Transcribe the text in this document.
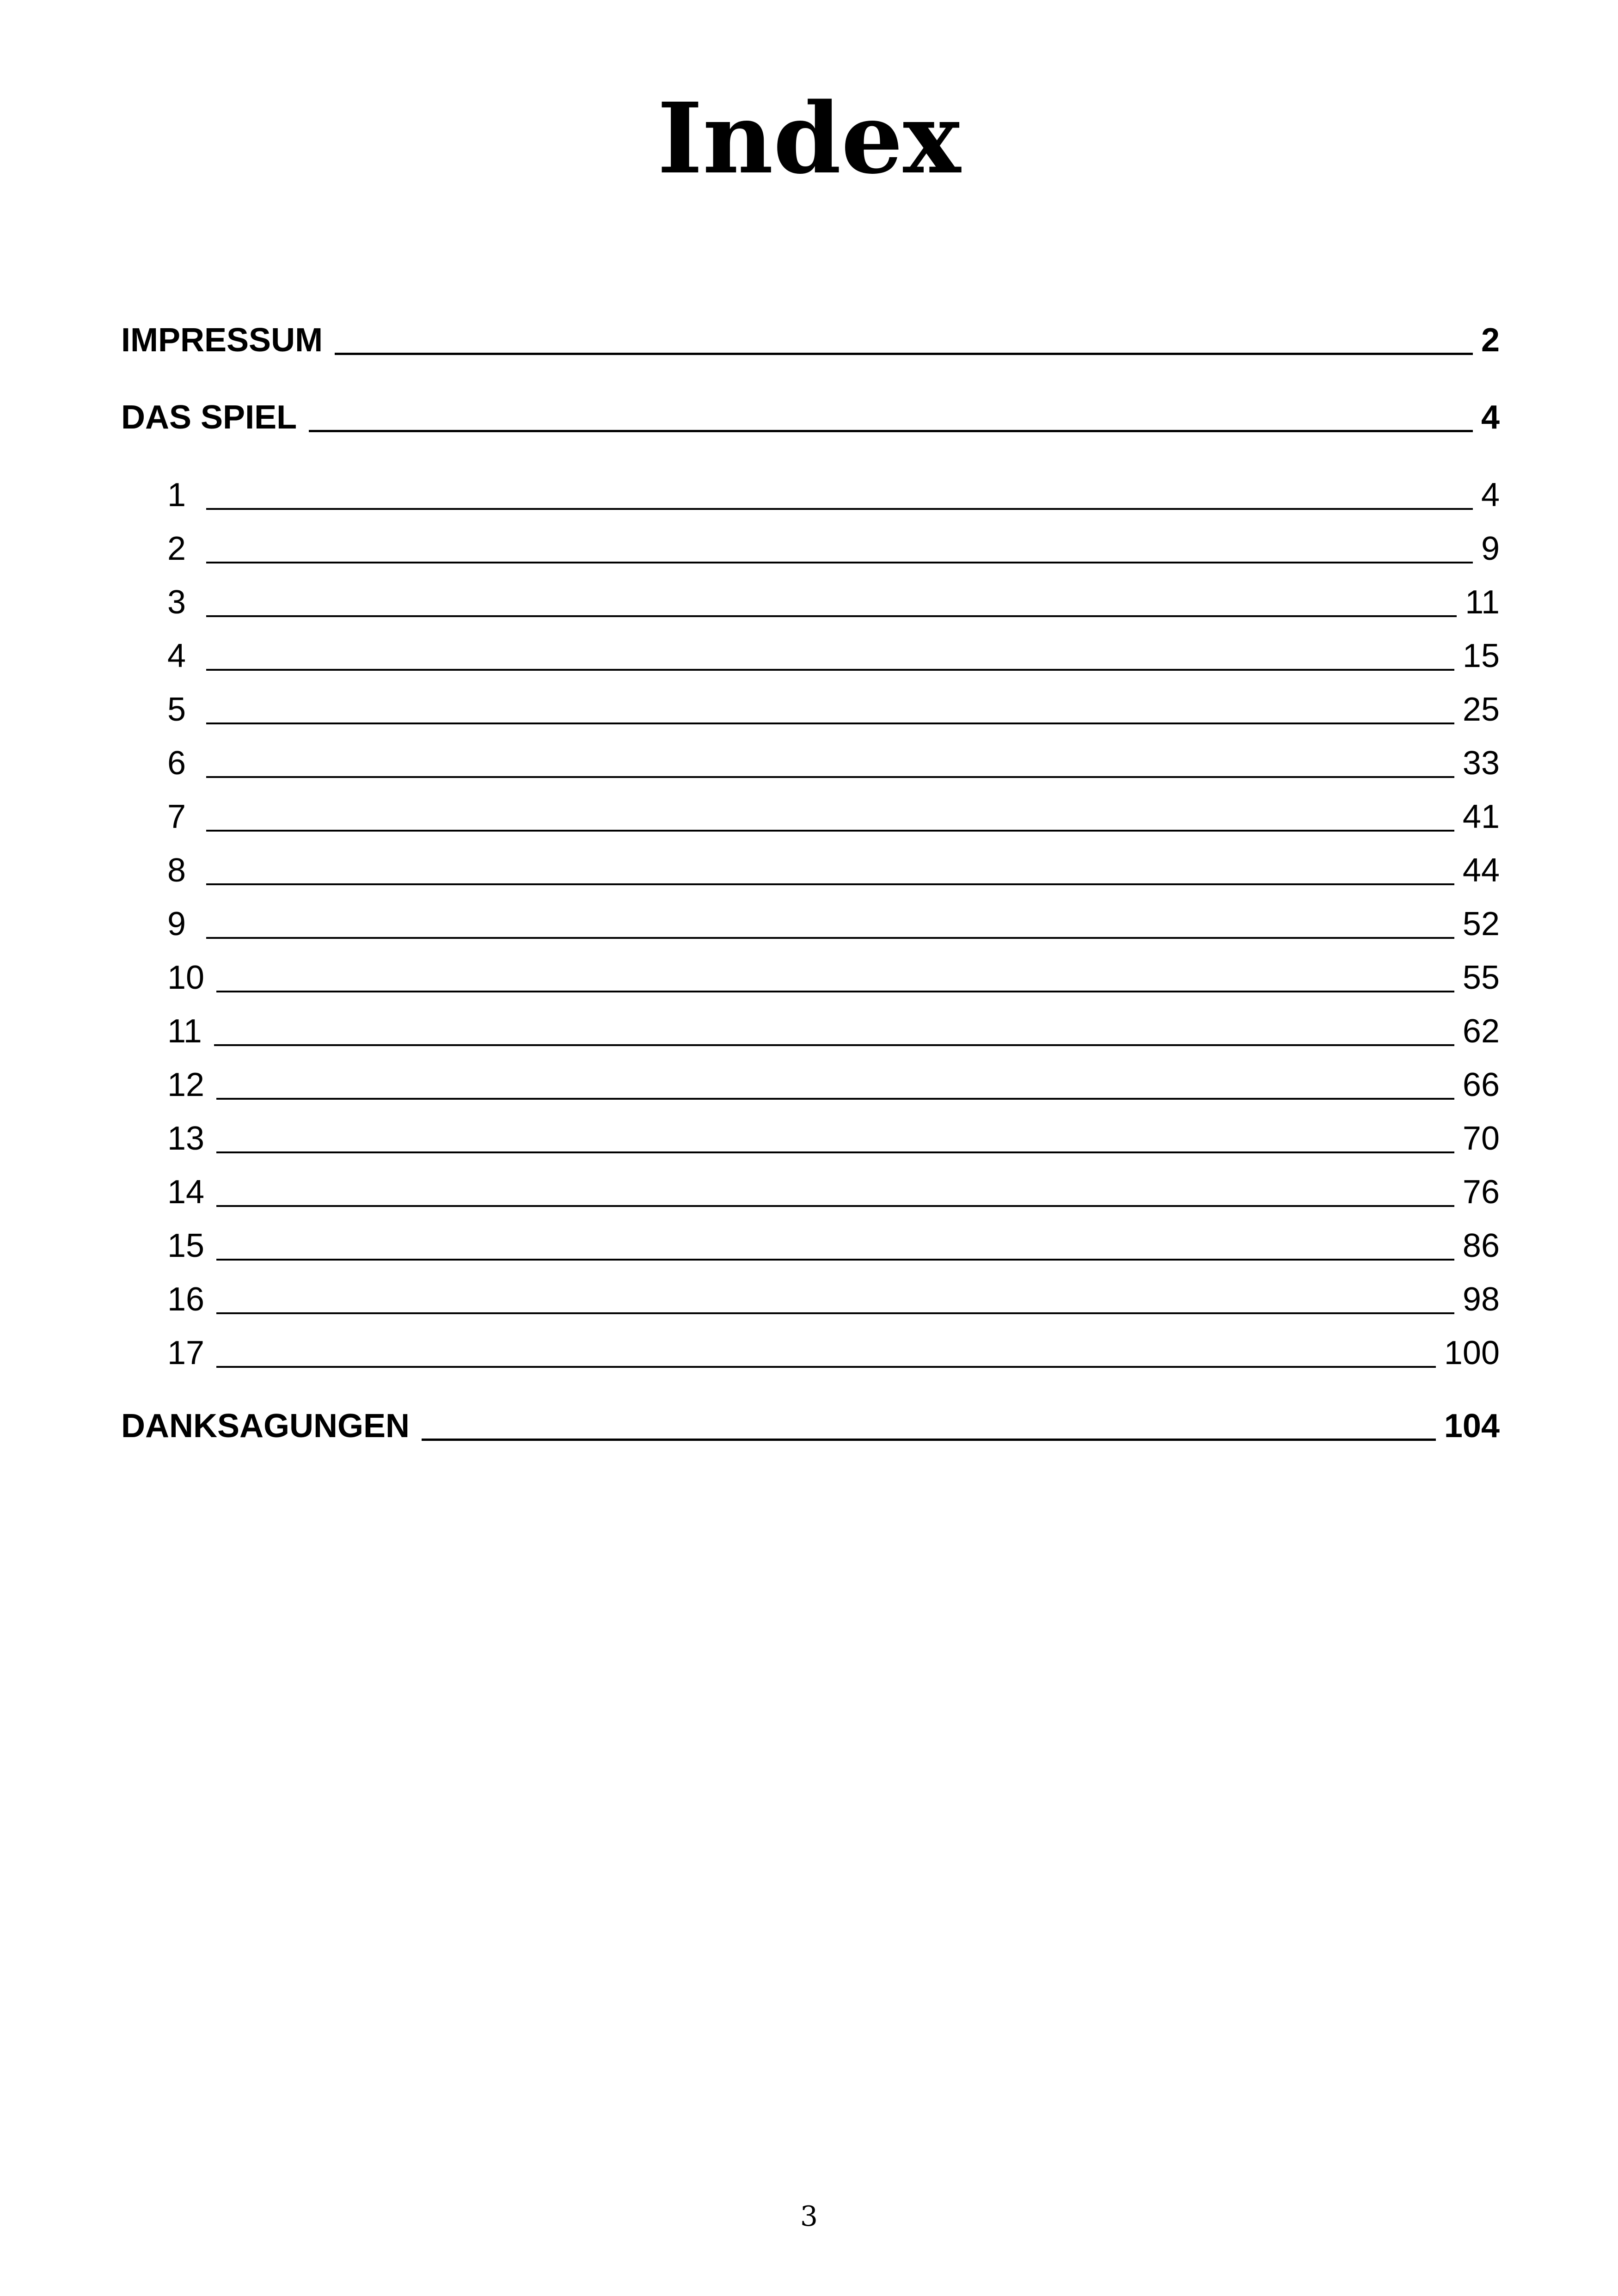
Index
IMPRESSUM	2
DAS SPIEL	4
1	4
2	9
3	11
4	15
5	25
6	33
7	41
8	44
9	52
10	55
11	62
12	66
13	70
14	76
15	86
16	98
17	100
DANKSAGUNGEN	104
3
